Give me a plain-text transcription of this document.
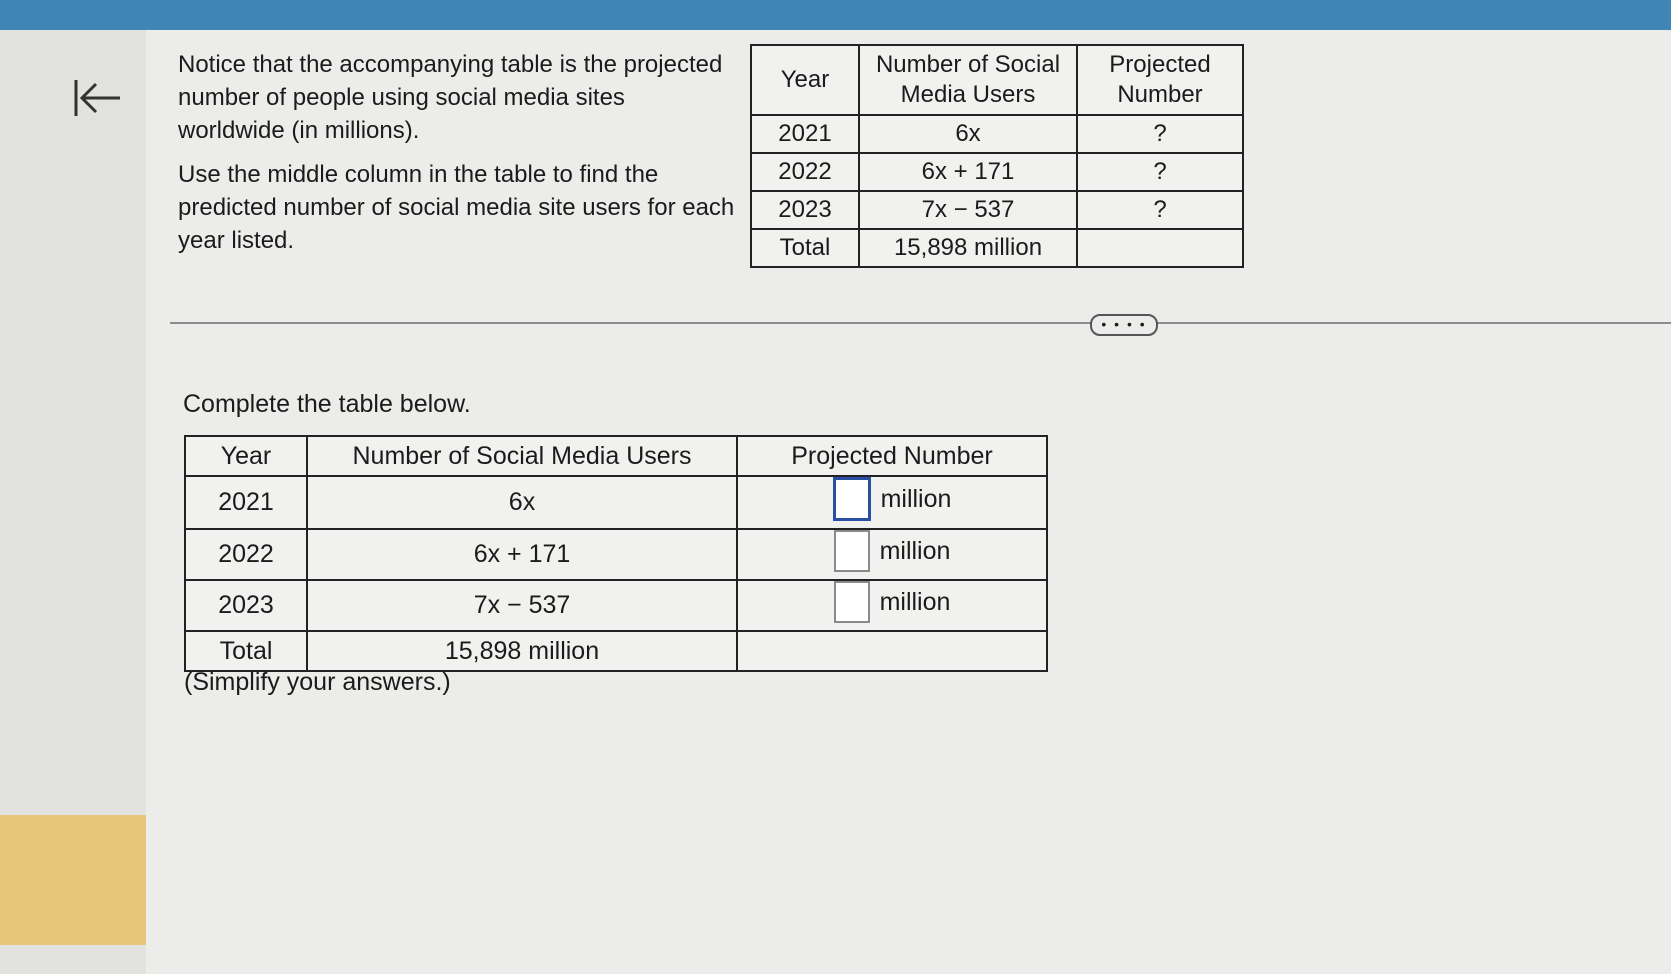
Notice that the accompanying table is the projected number of people using social media sites worldwide (in millions).

Use the middle column in the table to find the predicted number of social media site users for each year listed.

Year	Number of Social Media Users	Projected Number
2021	6x	?
2022	6x + 171	?
2023	7x − 537	?
Total	15,898 million	
• • • •

Complete the table below.

Year	Number of Social Media Users	Projected Number
2021	6x	million

2022	6x + 171	million

2023	7x − 537	million

Total	15,898 million	

(Simplify your answers.)
